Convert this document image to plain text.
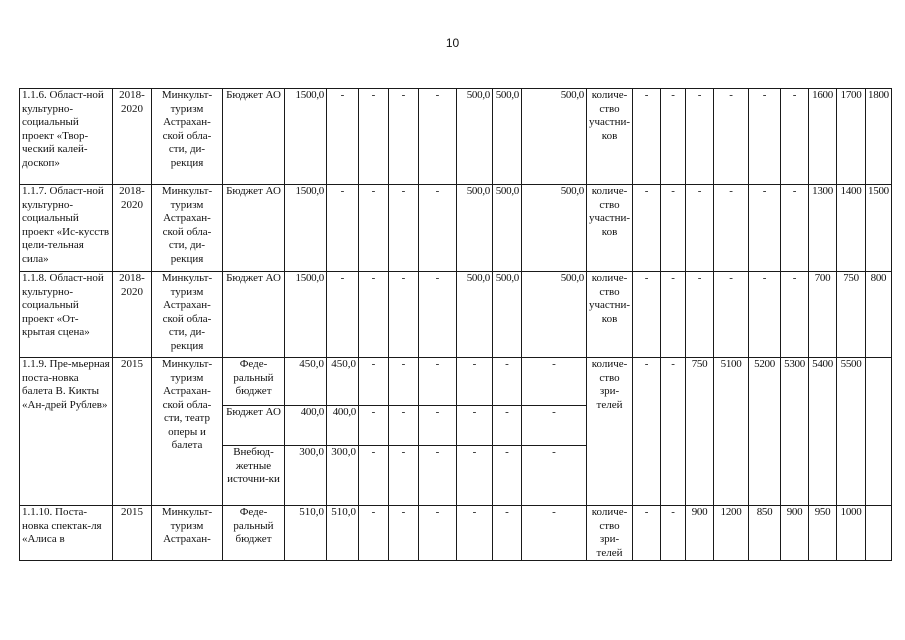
10
1.1.6. Област-ной культурно-социальный проект «Твор-ческий калей-доскоп»	2018-2020	Минкульт-туризм Астрахан-ской обла-сти, ди-рекция	Бюджет АО	1500,0	-	-	-	-	500,0	500,0	500,0	количе-ство участни-ков	-	-	-	-	-	-	1600	1700	1800
1.1.7. Област-ной культурно-социальный проект «Ис-кусств цели-тельная сила»	2018-2020	Минкульт-туризм Астрахан-ской обла-сти, ди-рекция	Бюджет АО	1500,0	-	-	-	-	500,0	500,0	500,0	количе-ство участни-ков	-	-	-	-	-	-	1300	1400	1500
1.1.8. Област-ной культурно-социальный проект «От-крытая сцена»	2018-2020	Минкульт-туризм Астрахан-ской обла-сти, ди-рекция	Бюджет АО	1500,0	-	-	-	-	500,0	500,0	500,0	количе-ство участни-ков	-	-	-	-	-	-	700	750	800
1.1.9. Пре-мьерная поста-новка балета В. Кикты «Ан-дрей Рублев»	2015	Минкульт-туризм Астрахан-ской обла-сти, театр оперы и балета	Феде-ральный бюджет	450,0	450,0	-	-	-	-	-	-	количе-ство зри-телей	-	-	750	5100	5200	5300	5400	5500	
			Бюджет АО	400,0	400,0	-	-	-	-	-	-										
			Внебюд-жетные источни-ки	300,0	300,0	-	-	-	-	-	-										
1.1.10. Поста-новка спектак-ля «Алиса в	2015	Минкульт-туризм Астрахан-	Феде-ральный бюджет	510,0	510,0	-	-	-	-	-	-	количе-ство зри-телей	-	-	900	1200	850	900	950	1000	
